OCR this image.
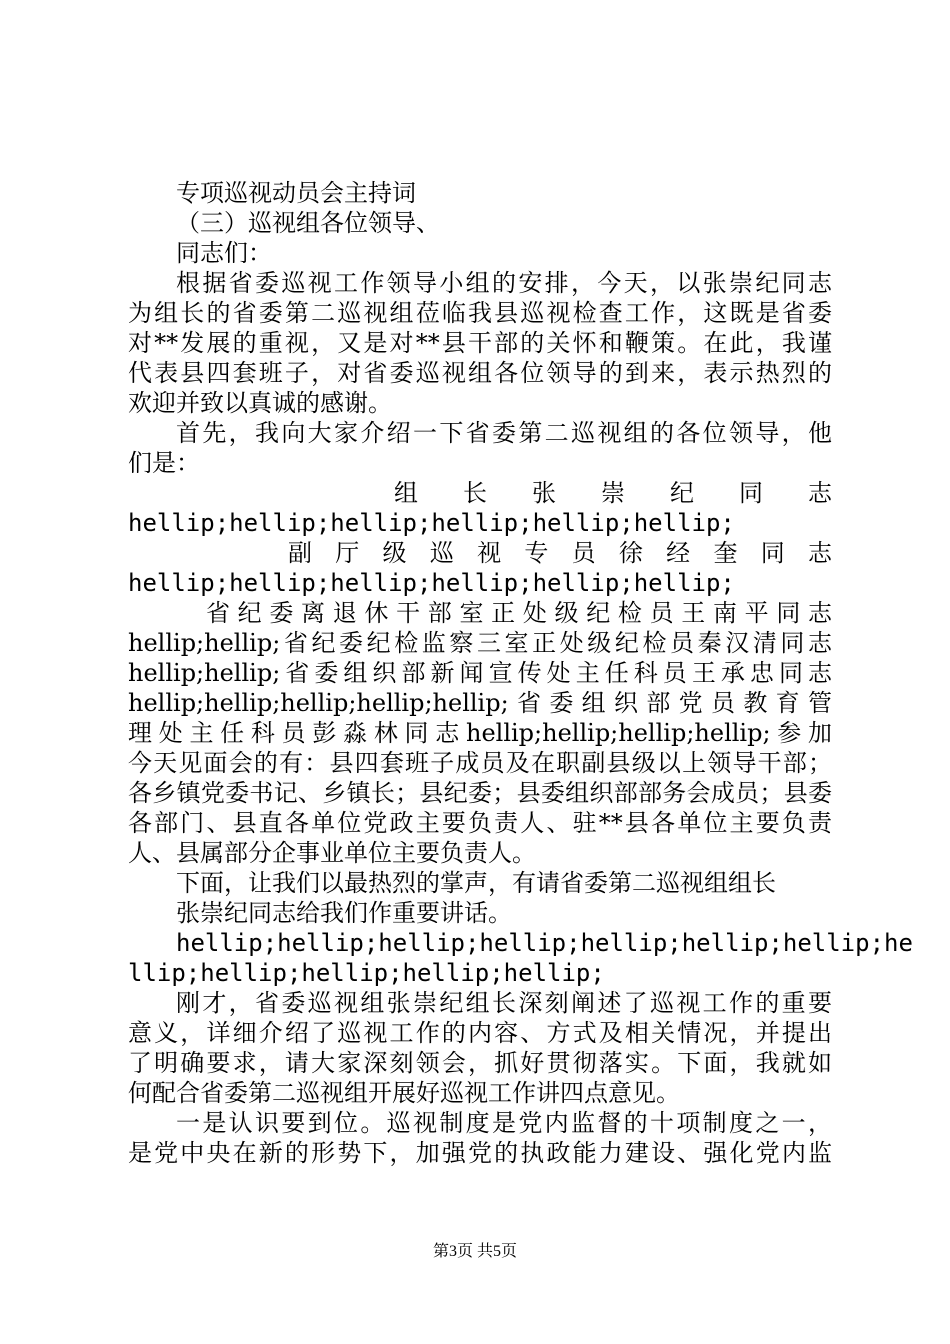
专项巡视动员会主持词
（三）巡视组各位领导、
同志们：
根据省委巡视工作领导小组的安排，今天，以张崇纪同志
为组长的省委第二巡视组莅临我县巡视检查工作，这既是省委
对**发展的重视，又是对**县干部的关怀和鞭策。在此，我谨
代表县四套班子，对省委巡视组各位领导的到来，表示热烈的
欢迎并致以真诚的感谢。
首先，我向大家介绍一下省委第二巡视组的各位领导，他
们是：
组长张崇纪同志
hellip;hellip;hellip;hellip;hellip;hellip;
副厅级巡视专员徐经奎同志
hellip;hellip;hellip;hellip;hellip;hellip;
省纪委离退休干部室正处级纪检员王南平同志
hellip;hellip;省纪委纪检监察三室正处级纪检员秦汉清同志
hellip;hellip;省委组织部新闻宣传处主任科员王承忠同志
hellip;hellip;hellip;hellip;hellip;省委组织部党员教育管
理处主任科员彭淼林同志hellip;hellip;hellip;hellip;参加
今天见面会的有：县四套班子成员及在职副县级以上领导干部；
各乡镇党委书记、乡镇长；县纪委；县委组织部部务会成员；县委
各部门、县直各单位党政主要负责人、驻**县各单位主要负责
人、县属部分企事业单位主要负责人。
下面，让我们以最热烈的掌声，有请省委第二巡视组组长
张崇纪同志给我们作重要讲话。
hellip;hellip;hellip;hellip;hellip;hellip;hellip;he
llip;hellip;hellip;hellip;hellip;
刚才，省委巡视组张崇纪组长深刻阐述了巡视工作的重要
意义，详细介绍了巡视工作的内容、方式及相关情况，并提出
了明确要求，请大家深刻领会，抓好贯彻落实。下面，我就如
何配合省委第二巡视组开展好巡视工作讲四点意见。
一是认识要到位。巡视制度是党内监督的十项制度之一，
是党中央在新的形势下，加强党的执政能力建设、强化党内监
第3页 共5页
